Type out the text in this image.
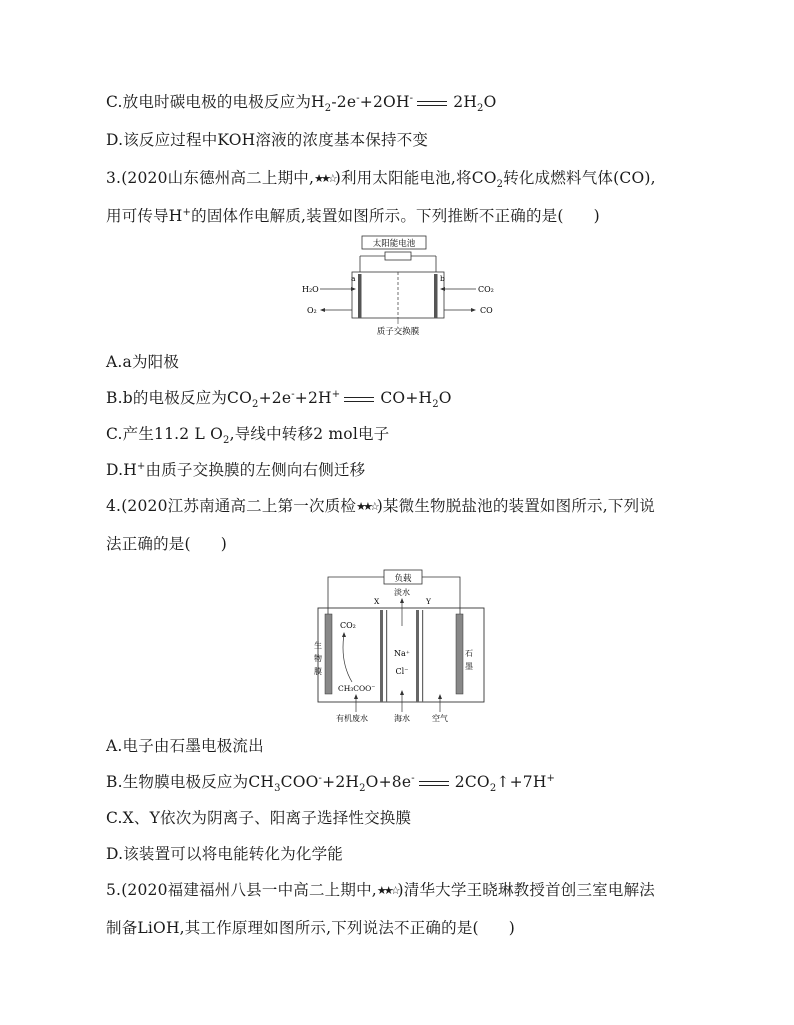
C.放电时碳电极的电极反应为$H_2-2e^-+2OH^-$	$2H_2O$
D.该反应过程中KOH溶液的浓度基本保持不变
3.(2020山东德州高二上期中,★★☆)利用太阳能电池,将$CO_2$转化成燃料气体(CO),
用可传导H+的固体作电解质,装置如图所示。下列推断不正确的是( )
太阳能电池
a	b
质子交换膜
H₂O
O₂
CO₂
CO
A.a为阳极
B.b的电极反应为$CO_2+2e^-+2H^+$	$CO+H_2O$
C.产生11.2 L $O_2$,导线中转移2 mol电子
D.H+由质子交换膜的左侧向右侧迁移
4.(2020江苏南通高二上第一次质检★★☆)某微生物脱盐池的装置如图所示,下列说
法正确的是( )
负载
X	Y
淡水
Na⁺
Cl⁻
生
物
膜
石
墨
CO₂
CH₃COO⁻
有机废水	海水	空气
A.电子由石墨电极流出
B.生物膜电极反应为$CH_3COO^-+2H_2O+8e^-$	$2CO_2↑+7H^+$
C.X、Y依次为阴离子、阳离子选择性交换膜
D.该装置可以将电能转化为化学能
5.(2020福建福州八县一中高二上期中,★★☆)清华大学王晓琳教授首创三室电解法
制备LiOH,其工作原理如图所示,下列说法不正确的是( )
